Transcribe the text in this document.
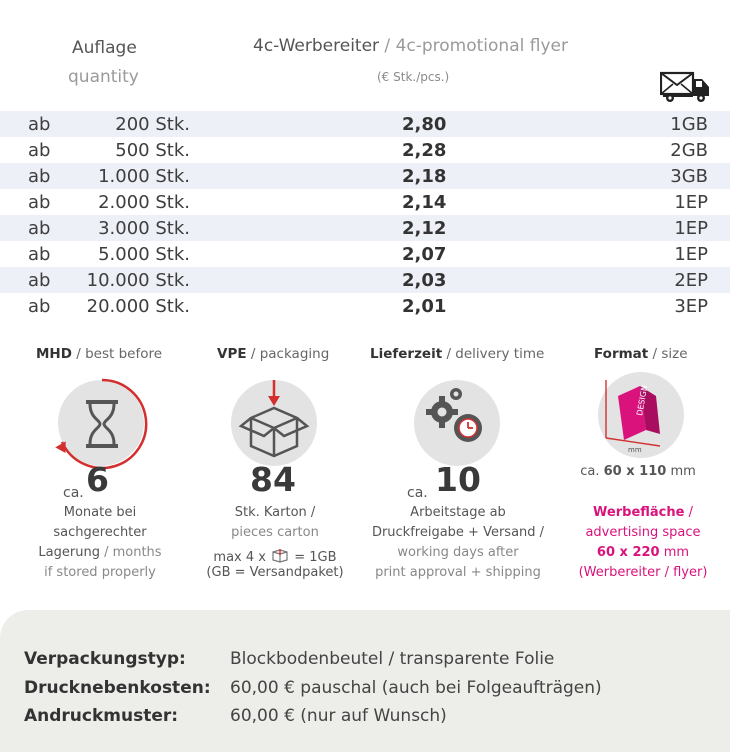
Auflage
quantity
4c-Werbereiter / 4c-promotional flyer
(€ Stk./pcs.)
ab	200 Stk.	2,80	1GB
ab	500 Stk.	2,28	2GB
ab	1.000 Stk.	2,18	3GB
ab	2.000 Stk.	2,14	1EP
ab	3.000 Stk.	2,12	1EP
ab	5.000 Stk.	2,07	1EP
ab 10.000 Stk.	2,03	2EP
ab 20.000 Stk.	2,01	3EP
MHD / best before
ca. 6
Monate bei
sachgerechter
Lagerung / months
if stored properly
VPE / packaging
84
Stk. Karton /
pieces carton
max 4 x = 1GB
(GB = Versandpaket)
Lieferzeit / delivery time
ca. 10
Arbeitstage ab
Druckfreigabe + Versand /
working days after
print approval + shipping
Format / size
DESIGN
mm
ca. 60 x 110 mm
Werbefläche /
advertising space
60 x 220 mm
(Werbereiter / flyer)
Verpackungstyp:	Blockbodenbeutel / transparente Folie
Drucknebenkosten: 60,00 € pauschal (auch bei Folgeaufträgen)
Andruckmuster:	60,00 € (nur auf Wunsch)
